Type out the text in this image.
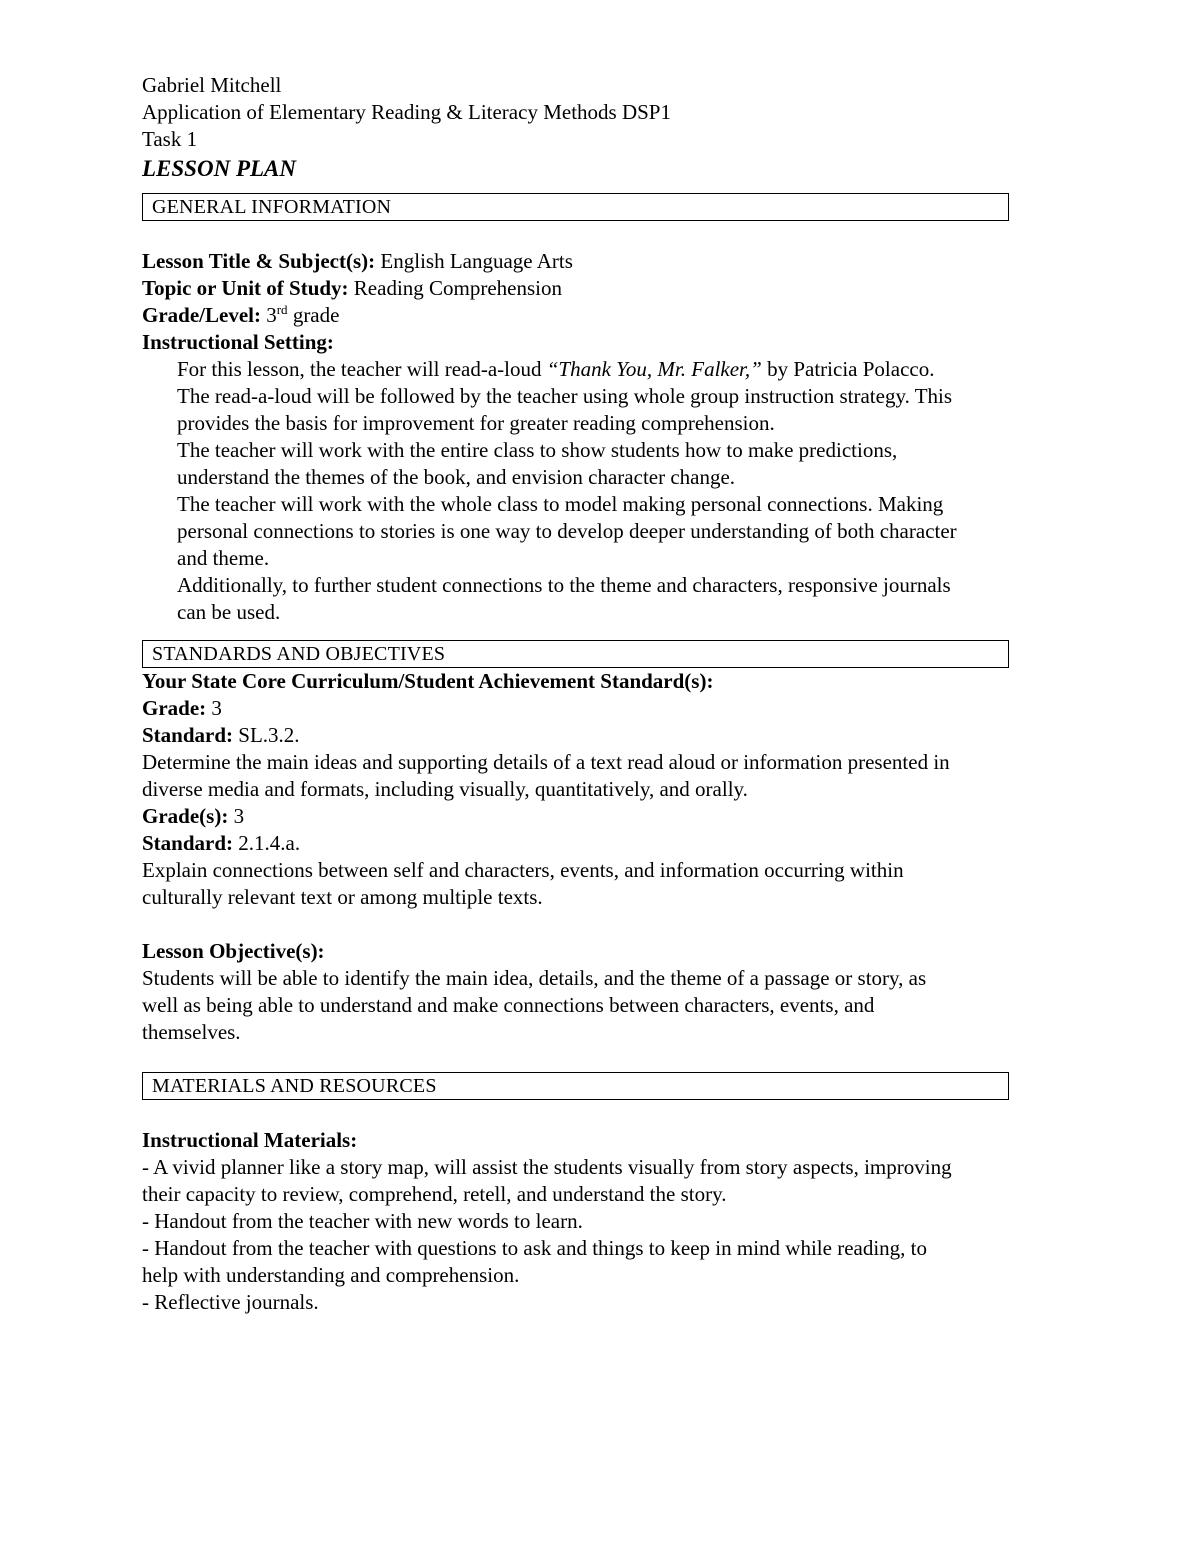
Gabriel Mitchell
Application of Elementary Reading & Literacy Methods DSP1
Task 1
LESSON PLAN
GENERAL INFORMATION
Lesson Title & Subject(s): English Language Arts
Topic or Unit of Study: Reading Comprehension
Grade/Level: 3rd grade
Instructional Setting:
For this lesson, the teacher will read-a-loud “Thank You, Mr. Falker,” by Patricia Polacco.
The read-a-loud will be followed by the teacher using whole group instruction strategy. This
provides the basis for improvement for greater reading comprehension.
The teacher will work with the entire class to show students how to make predictions,
understand the themes of the book, and envision character change.
The teacher will work with the whole class to model making personal connections. Making
personal connections to stories is one way to develop deeper understanding of both character
and theme.
Additionally, to further student connections to the theme and characters, responsive journals
can be used.
STANDARDS AND OBJECTIVES
Your State Core Curriculum/Student Achievement Standard(s):
Grade: 3
Standard: SL.3.2.
Determine the main ideas and supporting details of a text read aloud or information presented in
diverse media and formats, including visually, quantitatively, and orally.
Grade(s): 3
Standard: 2.1.4.a.
Explain connections between self and characters, events, and information occurring within
culturally relevant text or among multiple texts.
Lesson Objective(s):
Students will be able to identify the main idea, details, and the theme of a passage or story, as
well as being able to understand and make connections between characters, events, and
themselves.
MATERIALS AND RESOURCES
Instructional Materials:
- A vivid planner like a story map, will assist the students visually from story aspects, improving
their capacity to review, comprehend, retell, and understand the story.
- Handout from the teacher with new words to learn.
- Handout from the teacher with questions to ask and things to keep in mind while reading, to
help with understanding and comprehension.
- Reflective journals.
